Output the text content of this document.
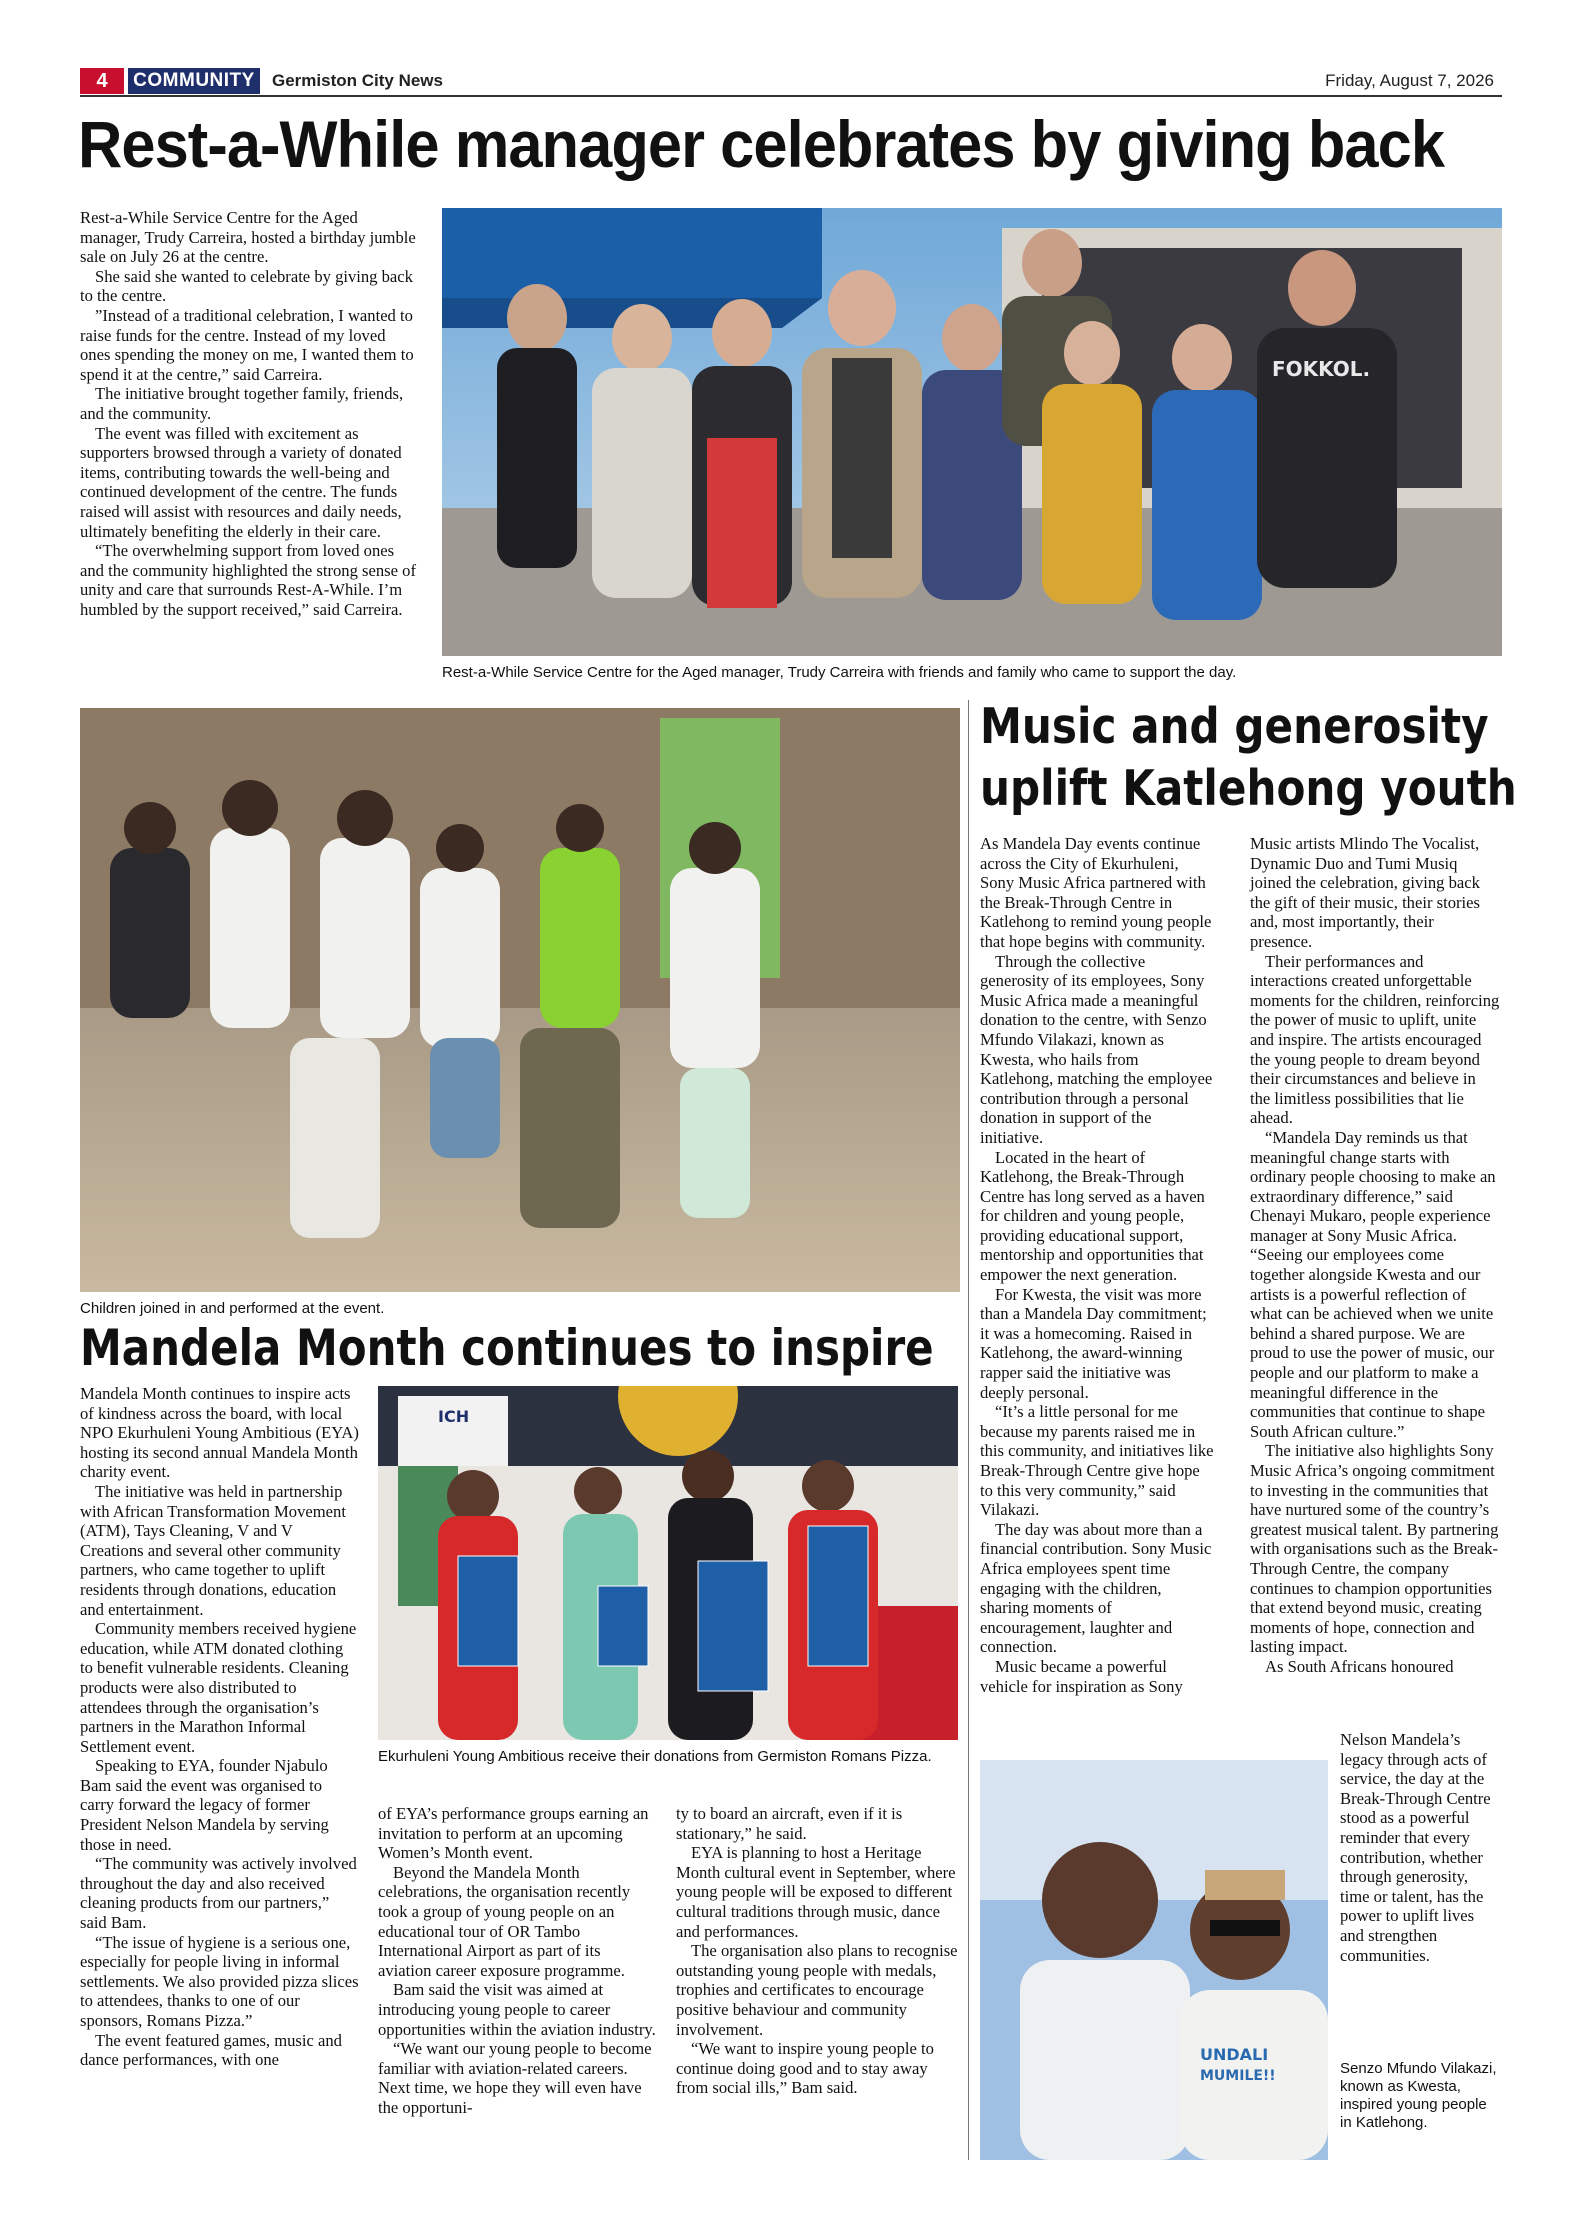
4	COMMUNITY	Germiston City News	Friday, August 7, 2026
Rest-a-While manager celebrates by giving back

Rest-a-While Service Centre for the Aged manager, Trudy Carreira, hosted a birthday jumble sale on July 26 at the centre.

She said she wanted to celebrate by giving back to the centre.

”Instead of a traditional celebration, I wanted to raise funds for the centre. Instead of my loved ones spending the money on me, I wanted them to spend it at the centre,” said Carreira.

The initiative brought together family, friends, and the community.

The event was filled with excitement as supporters browsed through a variety of donated items, contributing towards the well-being and continued development of the centre. The funds raised will assist with resources and daily needs, ultimately benefiting the elderly in their care.

“The overwhelming support from loved ones and the community highlighted the strong sense of unity and care that surrounds Rest-A-While. I’m humbled by the support received,” said Carreira.

FOKKOL.
Rest-a-While Service Centre for the Aged manager, Trudy Carreira with friends and family who came to support the day.
Children joined in and performed at the event.
Music and generosity
uplift Katlehong youth

As Mandela Day events continue across the City of Ekurhuleni, Sony Music Africa partnered with the Break-Through Centre in Katlehong to remind young people that hope begins with community.

Through the collective generosity of its employees, Sony Music Africa made a meaningful donation to the centre, with Senzo Mfundo Vilakazi, known as Kwesta, who hails from Katlehong, matching the employee contribution through a personal donation in support of the initiative.

Located in the heart of Katlehong, the Break-Through Centre has long served as a haven for children and young people, providing educational support, mentorship and opportunities that empower the next generation.

For Kwesta, the visit was more than a Mandela Day commitment; it was a homecoming. Raised in Katlehong, the award-winning rapper said the initiative was deeply personal.

“It’s a little personal for me because my parents raised me in this community, and initiatives like Break-Through Centre give hope to this very community,” said Vilakazi.

The day was about more than a financial contribution. Sony Music Africa employees spent time engaging with the children, sharing moments of encouragement, laughter and connection.

Music became a powerful vehicle for inspiration as Sony

Music artists Mlindo The Vocalist, Dynamic Duo and Tumi Musiq joined the celebration, giving back the gift of their music, their stories and, most importantly, their presence.

Their performances and interactions created unforgettable moments for the children, reinforcing the power of music to uplift, unite and inspire. The artists encouraged the young people to dream beyond their circumstances and believe in the limitless possibilities that lie ahead.

“Mandela Day reminds us that meaningful change starts with ordinary people choosing to make an extraordinary difference,” said Chenayi Mukaro, people experience manager at Sony Music Africa. “Seeing our employees come together alongside Kwesta and our artists is a powerful reflection of what can be achieved when we unite behind a shared purpose. We are proud to use the power of music, our people and our platform to make a meaningful difference in the communities that continue to shape South African culture.”

The initiative also highlights Sony Music Africa’s ongoing commitment to investing in the communities that have nurtured some of the country’s greatest musical talent. By partnering with organisations such as the Break-Through Centre, the company continues to champion opportunities that extend beyond music, creating moments of hope, connection and lasting impact.

As South Africans honoured

Nelson Mandela’s legacy through acts of service, the day at the Break-Through Centre stood as a powerful reminder that every contribution, whether through generosity, time or talent, has the power to uplift lives and strengthen communities.

UNDALI
MUMILE!!	Senzo Mfundo Vilakazi, known as Kwesta, inspired young people in Katlehong.
Mandela Month continues to inspire

Mandela Month continues to inspire acts of kindness across the board, with local NPO Ekurhuleni Young Ambitious (EYA) hosting its second annual Mandela Month charity event.

The initiative was held in partnership with African Transformation Movement (ATM), Tays Cleaning, V and V Creations and several other community partners, who came together to uplift residents through donations, education and entertainment.

Community members received hygiene education, while ATM donated clothing to benefit vulnerable residents. Cleaning products were also distributed to attendees through the organisation’s partners in the Marathon Informal Settlement event.

Speaking to EYA, founder Njabulo Bam said the event was organised to carry forward the legacy of former President Nelson Mandela by serving those in need.

“The community was actively involved throughout the day and also received cleaning products from our partners,” said Bam.

“The issue of hygiene is a serious one, especially for people living in informal settlements. We also provided pizza slices to attendees, thanks to one of our sponsors, Romans Pizza.”

The event featured games, music and dance performances, with one

ICH
Ekurhuleni Young Ambitious receive their donations from Germiston Romans Pizza.

of EYA’s performance groups earning an invitation to perform at an upcoming Women’s Month event.

Beyond the Mandela Month celebrations, the organisation recently took a group of young people on an educational tour of OR Tambo International Airport as part of its aviation career exposure programme.

Bam said the visit was aimed at introducing young people to career opportunities within the aviation industry.

“We want our young people to become familiar with aviation-related careers. Next time, we hope they will even have the opportuni-

ty to board an aircraft, even if it is stationary,” he said.

EYA is planning to host a Heritage Month cultural event in September, where young people will be exposed to different cultural traditions through music, dance and performances.

The organisation also plans to recognise outstanding young people with medals, trophies and certificates to encourage positive behaviour and community involvement.

“We want to inspire young people to continue doing good and to stay away from social ills,” Bam said.
